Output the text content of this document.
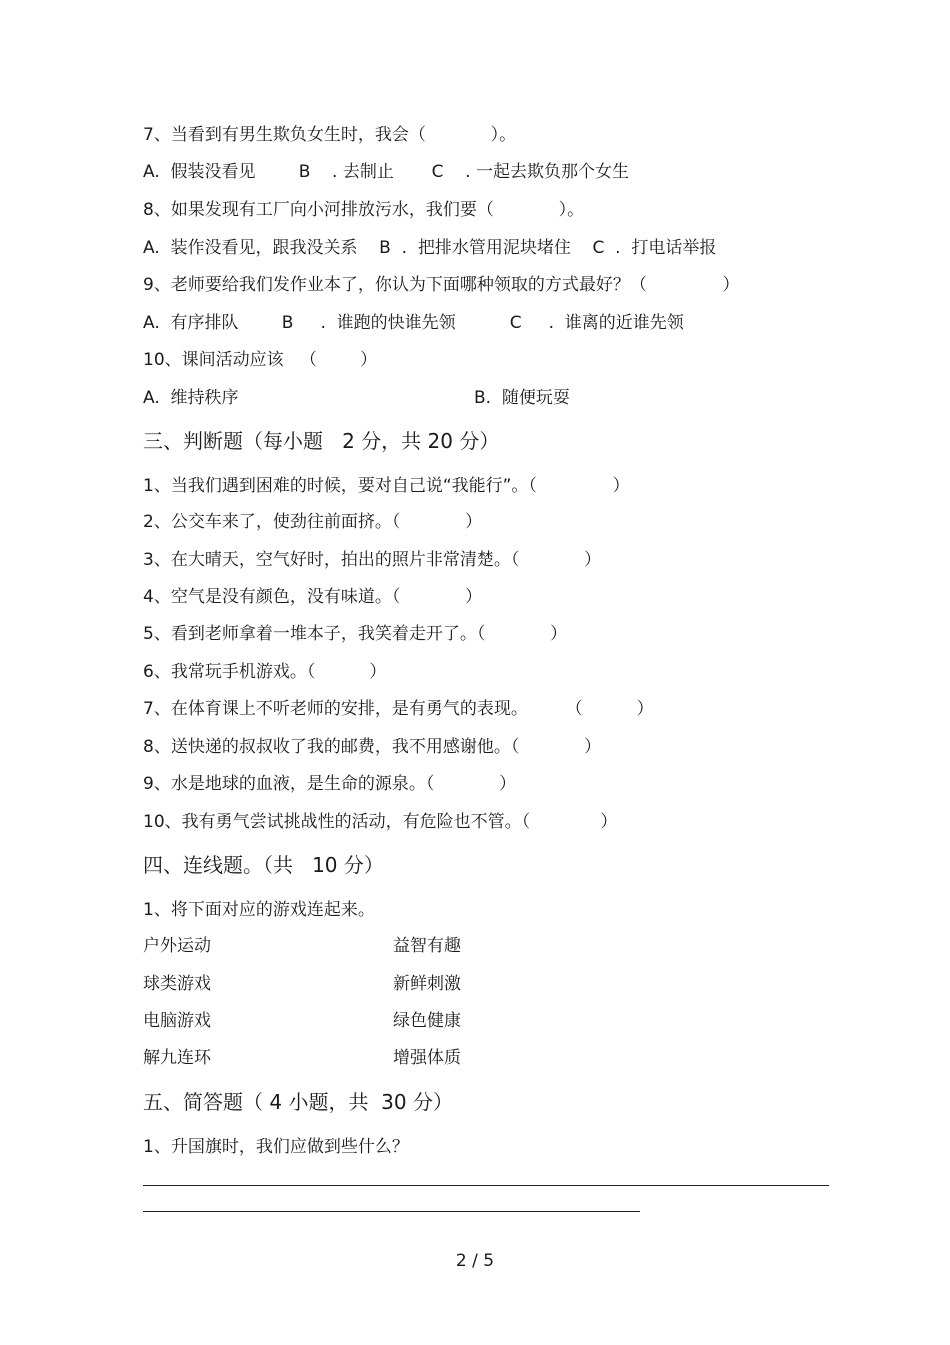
7、当看到有男生欺负女生时，我会（            ）。
A.  假装没看见        B    . 去制止       C    . 一起去欺负那个女生
8、如果发现有工厂向小河排放污水，我们要（            ）。
A.  装作没看见，跟我没关系    B  .  把排水管用泥块堵住    C  .  打电话举报
9、老师要给我们发作业本了，你认为下面哪种领取的方式最好？（              ）
A.  有序排队        B     .  谁跑的快谁先领          C     .  谁离的近谁先领
10、课间活动应该   （        ）
A.  维持秩序	B.  随便玩耍
三、判断题（每小题   2 分，共 20 分）
1、当我们遇到困难的时候，要对自己说“我能行”。（              ）
2、公交车来了，使劲往前面挤。（            ）
3、在大晴天，空气好时，拍出的照片非常清楚。（            ）
4、空气是没有颜色，没有味道。（            ）
5、看到老师拿着一堆本子，我笑着走开了。（            ）
6、我常玩手机游戏。（          ）
7、在体育课上不听老师的安排，是有勇气的表现。       （          ）
8、送快递的叔叔收了我的邮费，我不用感谢他。（            ）
9、水是地球的血液，是生命的源泉。（            ）
10、我有勇气尝试挑战性的活动，有危险也不管。（             ）
四、连线题。（共   10 分）
1、将下面对应的游戏连起来。
户外运动	益智有趣
球类游戏	新鲜刺激
电脑游戏	绿色健康
解九连环	增强体质
五、简答题（ 4 小题，共  30 分）
1、升国旗时，我们应做到些什么？
2 / 5
